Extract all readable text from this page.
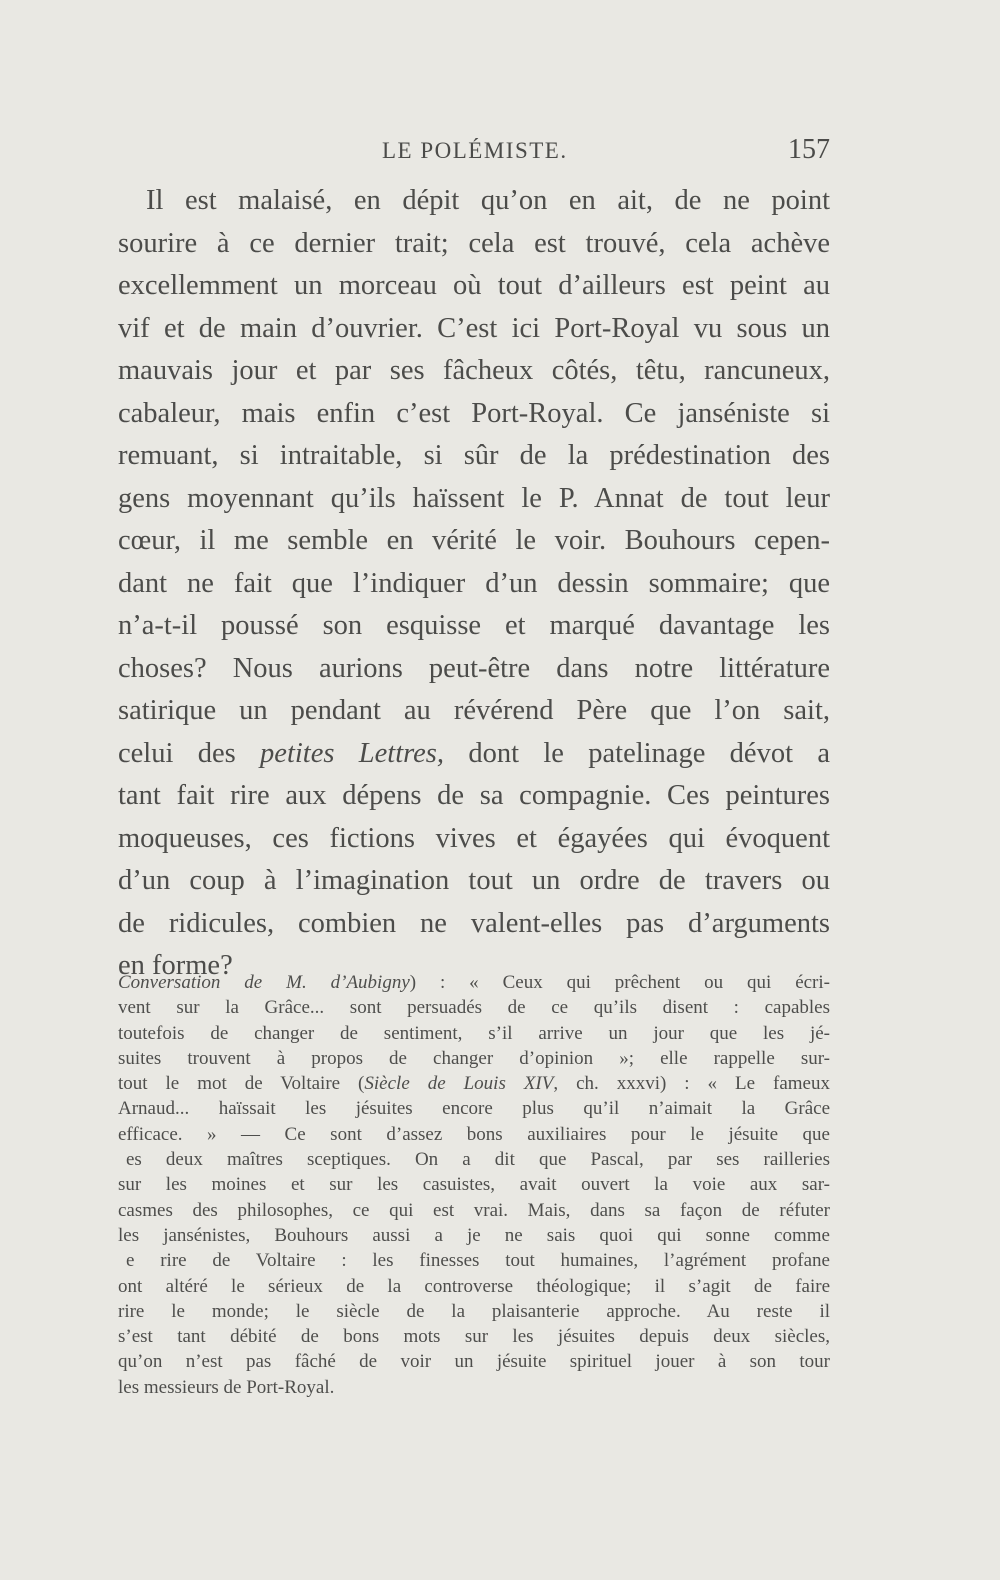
LE POLÉMISTE.	157
Il est malaisé, en dépit qu’on en ait, de ne point
sourire à ce dernier trait; cela est trouvé, cela achève
excellemment un morceau où tout d’ailleurs est peint au
vif et de main d’ouvrier. C’est ici Port-Royal vu sous un
mauvais jour et par ses fâcheux côtés, têtu, rancuneux,
cabaleur, mais enfin c’est Port-Royal. Ce janséniste si
remuant, si intraitable, si sûr de la prédestination des
gens moyennant qu’ils haïssent le P. Annat de tout leur
cœur, il me semble en vérité le voir. Bouhours cepen-
dant ne fait que l’indiquer d’un dessin sommaire; que
n’a-t-il poussé son esquisse et marqué davantage les
choses? Nous aurions peut-être dans notre littérature
satirique un pendant au révérend Père que l’on sait,
celui des petites Lettres, dont le patelinage dévot a
tant fait rire aux dépens de sa compagnie. Ces peintures
moqueuses, ces fictions vives et égayées qui évoquent
d’un coup à l’imagination tout un ordre de travers ou
de ridicules, combien ne valent-elles pas d’arguments
en forme?
Conversation de M. d’Aubigny) : « Ceux qui prêchent ou qui écri-
vent sur la Grâce... sont persuadés de ce qu’ils disent : capables
toutefois de changer de sentiment, s’il arrive un jour que les jé-
suites trouvent à propos de changer d’opinion »; elle rappelle sur-
tout le mot de Voltaire (Siècle de Louis XIV, ch. xxxvi) : « Le fameux
Arnaud... haïssait les jésuites encore plus qu’il n’aimait la Grâce
efficace. » — Ce sont d’assez bons auxiliaires pour le jésuite que
es deux maîtres sceptiques. On a dit que Pascal, par ses railleries
sur les moines et sur les casuistes, avait ouvert la voie aux sar-
casmes des philosophes, ce qui est vrai. Mais, dans sa façon de réfuter
les jansénistes, Bouhours aussi a je ne sais quoi qui sonne comme
e rire de Voltaire : les finesses tout humaines, l’agrément profane
ont altéré le sérieux de la controverse théologique; il s’agit de faire
rire le monde; le siècle de la plaisanterie approche. Au reste il
s’est tant débité de bons mots sur les jésuites depuis deux siècles,
qu’on n’est pas fâché de voir un jésuite spirituel jouer à son tour
les messieurs de Port-Royal.
